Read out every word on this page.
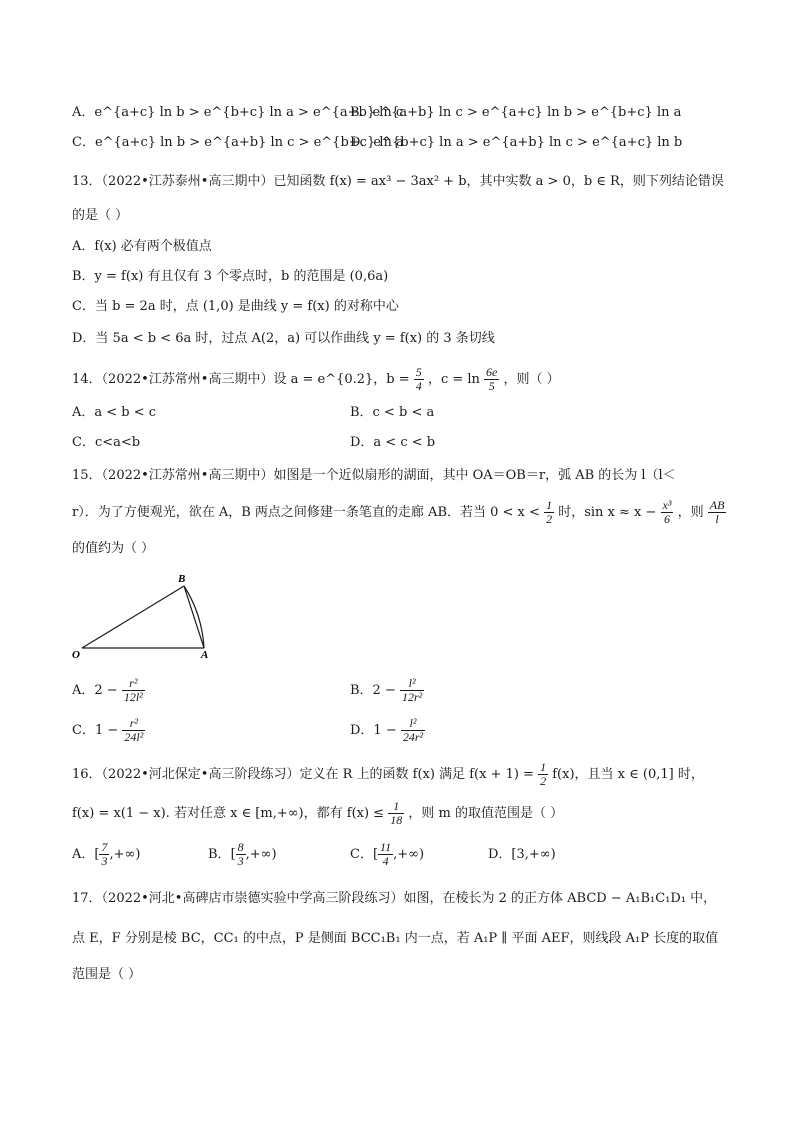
A．e^{a+c} ln b > e^{b+c} ln a > e^{a+b} ln c
B．e^{a+b} ln c > e^{a+c} ln b > e^{b+c} ln a
C．e^{a+c} ln b > e^{a+b} ln c > e^{b+c} ln a
D．e^{b+c} ln a > e^{a+b} ln c > e^{a+c} ln b
13．（2022•江苏泰州•高三期中）已知函数 f(x) = ax³ − 3ax² + b，其中实数 a > 0，b ∈ R，则下列结论错误
的是（ ）
A．f(x) 必有两个极值点
B．y = f(x) 有且仅有 3 个零点时，b 的范围是 (0,6a)
C．当 b = 2a 时，点 (1,0) 是曲线 y = f(x) 的对称中心
D．当 5a < b < 6a 时，过点 A(2，a) 可以作曲线 y = f(x) 的 3 条切线
14．（2022•江苏常州•高三期中）设 a = e^{0.2}，$b = \frac{5}{4}$ ，$c = \ln \frac{6e}{5}$ ，则（ ）
A．a < b < c	B．c < b < a
C．c<a<b	D．a < c < b
15．（2022•江苏常州•高三期中）如图是一个近似扇形的湖面，其中 OA＝OB＝r，弧 AB 的长为 l（l＜
r）．为了方便观光，欲在 A，B 两点之间修建一条笔直的走廊 AB．若当 $0 < x < \frac{1}{2}$ 时，$\sin x \approx x - \frac{\text{x³}}{6}$ ，则 $\frac{AB}{l}$
的值约为（ ）
O	A
B
A．$2 - \frac{\text{r²}}{\text{12l²}}$	B．$2 - \frac{\text{l²}}{\text{12r²}}$
C．$1 - \frac{\text{r²}}{\text{24l²}}$	D．$1 - \frac{\text{l²}}{\text{24r²}}$
16．（2022•河北保定•高三阶段练习）定义在 R 上的函数 f(x) 满足 $f(x + 1) = \frac{1}{2} f(x)$，且当 x ∈ (0,1] 时，
f(x) = x(1 − x). 若对任意 x ∈ [m,+∞)，都有 $f(x) \le \frac{1}{18}$ ，则 m 的取值范围是（ ）
A．[ $\frac{7}{3}$ ,+∞)	B．[ $\frac{8}{3}$ ,+∞)	C．[ $\frac{11}{4}$ ,+∞)	D．[3,+∞)
17．（2022•河北•高碑店市崇德实验中学高三阶段练习）如图，在棱长为 2 的正方体 ABCD − A₁B₁C₁D₁ 中，
点 E，F 分别是棱 BC，CC₁ 的中点，P 是侧面 BCC₁B₁ 内一点，若 A₁P ∥ 平面 AEF，则线段 A₁P 长度的取值
范围是（ ）
